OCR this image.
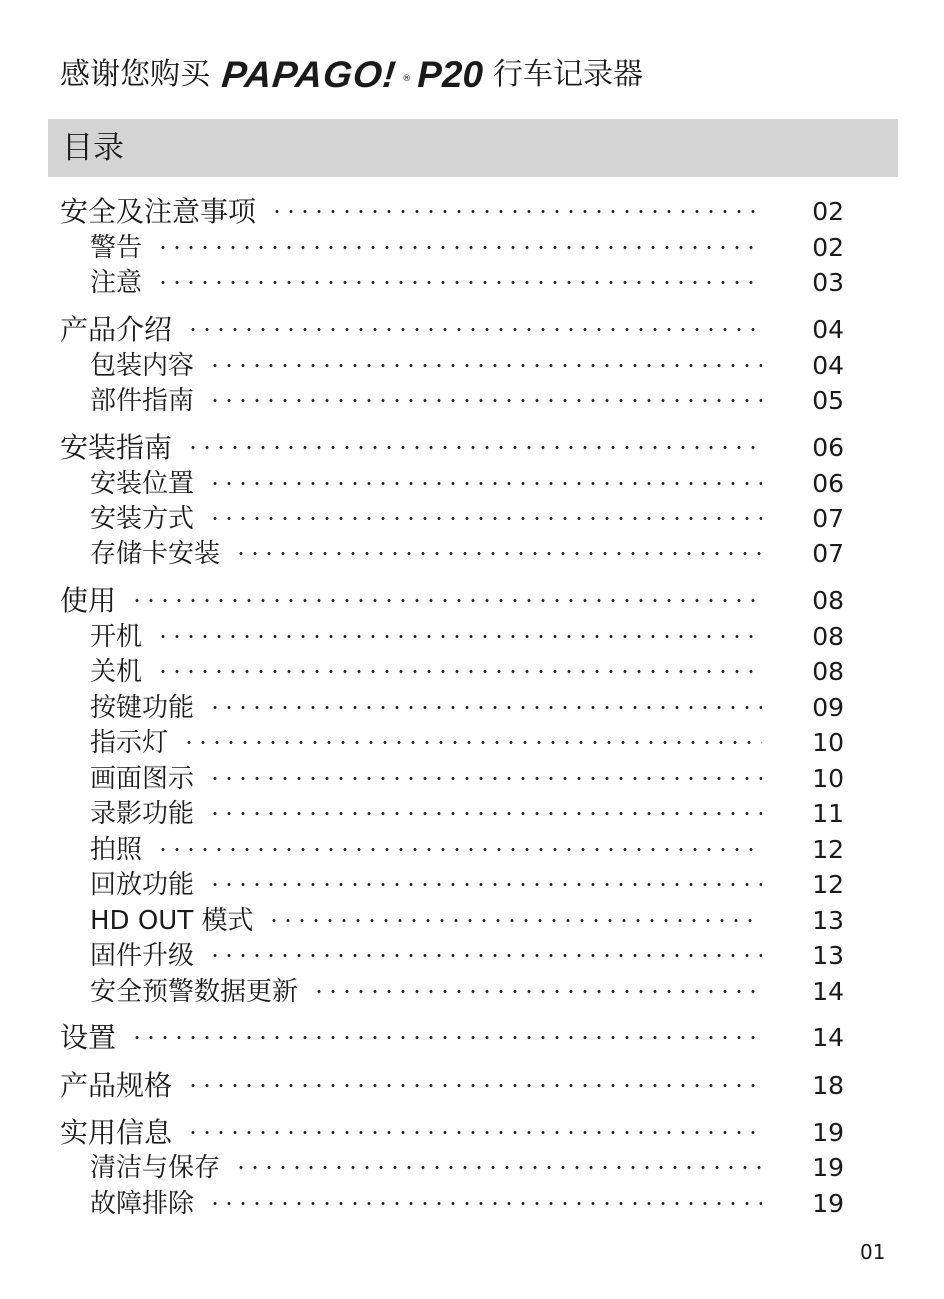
感谢您购买 PAPAGO! ® P20 行车记录器
目录
安全及注意事项	02
警告	02
注意	03
产品介绍	04
包装内容	04
部件指南	05
安装指南	06
安装位置	06
安装方式	07
存储卡安装	07
使用	08
开机	08
关机	08
按键功能	09
指示灯	10
画面图示	10
录影功能	11
拍照	12
回放功能	12
HD OUT 模式	13
固件升级	13
安全预警数据更新	14
设置	14
产品规格	18
实用信息	19
清洁与保存	19
故障排除	19
01
